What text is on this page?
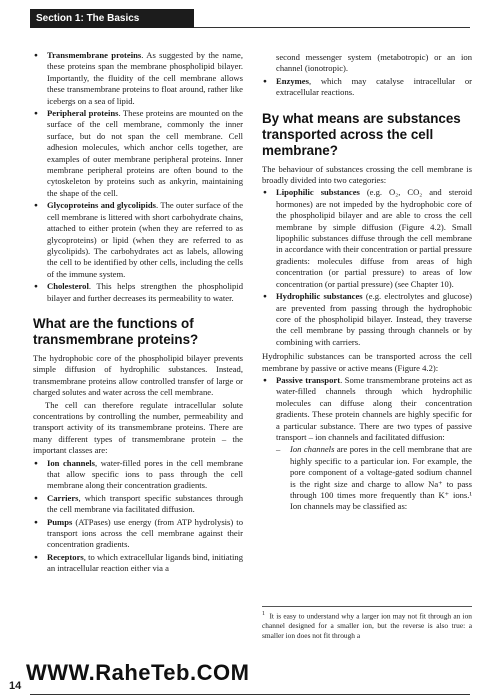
Section 1: The Basics
● Transmembrane proteins. As suggested by the name, these proteins span the membrane phospholipid bilayer. Importantly, the fluidity of the cell membrane allows these transmembrane proteins to float around, rather like icebergs on a sea of lipid.
● Peripheral proteins. These proteins are mounted on the surface of the cell membrane, commonly the inner surface, but do not span the cell membrane. Cell adhesion molecules, which anchor cells together, are examples of outer membrane peripheral proteins. Inner membrane peripheral proteins are often bound to the cytoskeleton by proteins such as ankyrin, maintaining the shape of the cell.
● Glycoproteins and glycolipids. The outer surface of the cell membrane is littered with short carbohydrate chains, attached to either protein (when they are referred to as glycoproteins) or lipid (when they are referred to as glycolipids). The carbohydrates act as labels, allowing the cell to be identified by other cells, including the cells of the immune system.
● Cholesterol. This helps strengthen the phospholipid bilayer and further decreases its permeability to water.
What are the functions of transmembrane proteins?

The hydrophobic core of the phospholipid bilayer prevents simple diffusion of hydrophilic substances. Instead, transmembrane proteins allow controlled transfer of large or charged solutes and water across the cell membrane.

The cell can therefore regulate intracellular solute concentrations by controlling the number, permeability and transport activity of its transmembrane proteins. There are many different types of transmembrane protein – the important classes are:

● Ion channels, water-filled pores in the cell membrane that allow specific ions to pass through the cell membrane along their concentration gradients.
● Carriers, which transport specific substances through the cell membrane via facilitated diffusion.
● Pumps (ATPases) use energy (from ATP hydrolysis) to transport ions across the cell membrane against their concentration gradients.
● Receptors, to which extracellular ligands bind, initiating an intracellular reaction either via a

second messenger system (metabotropic) or an ion channel (ionotropic).

● Enzymes, which may catalyse intracellular or extracellular reactions.
By what means are substances transported across the cell membrane?

The behaviour of substances crossing the cell membrane is broadly divided into two categories:

● Lipophilic substances (e.g. O₂, CO₂ and steroid hormones) are not impeded by the hydrophobic core of the phospholipid bilayer and are able to cross the cell membrane by simple diffusion (Figure 4.2). Small lipophilic substances diffuse through the cell membrane in accordance with their concentration or partial pressure gradients: molecules diffuse from areas of high concentration (or partial pressure) to areas of low concentration (or partial pressure) (see Chapter 10).
● Hydrophilic substances (e.g. electrolytes and glucose) are prevented from passing through the hydrophobic core of the phospholipid bilayer. Instead, they traverse the cell membrane by passing through channels or by combining with carriers.

Hydrophilic substances can be transported across the cell membrane by passive or active means (Figure 4.2):

● Passive transport. Some transmembrane proteins act as water-filled channels through which hydrophilic molecules can diffuse along their concentration gradients. These protein channels are highly specific for a particular substance. There are two types of passive transport – ion channels and facilitated diffusion:
– Ion channels are pores in the cell membrane that are highly specific to a particular ion. For example, the pore component of a voltage-gated sodium channel is the right size and charge to allow Na⁺ to pass through 100 times more frequently than K⁺ ions.¹ Ion channels may be classified as:

$^1$ It is easy to understand why a larger ion may not fit through an ion channel designed for a smaller ion, but the reverse is also true: a smaller ion does not fit through a
WWW.RaheTeb.COM
14
